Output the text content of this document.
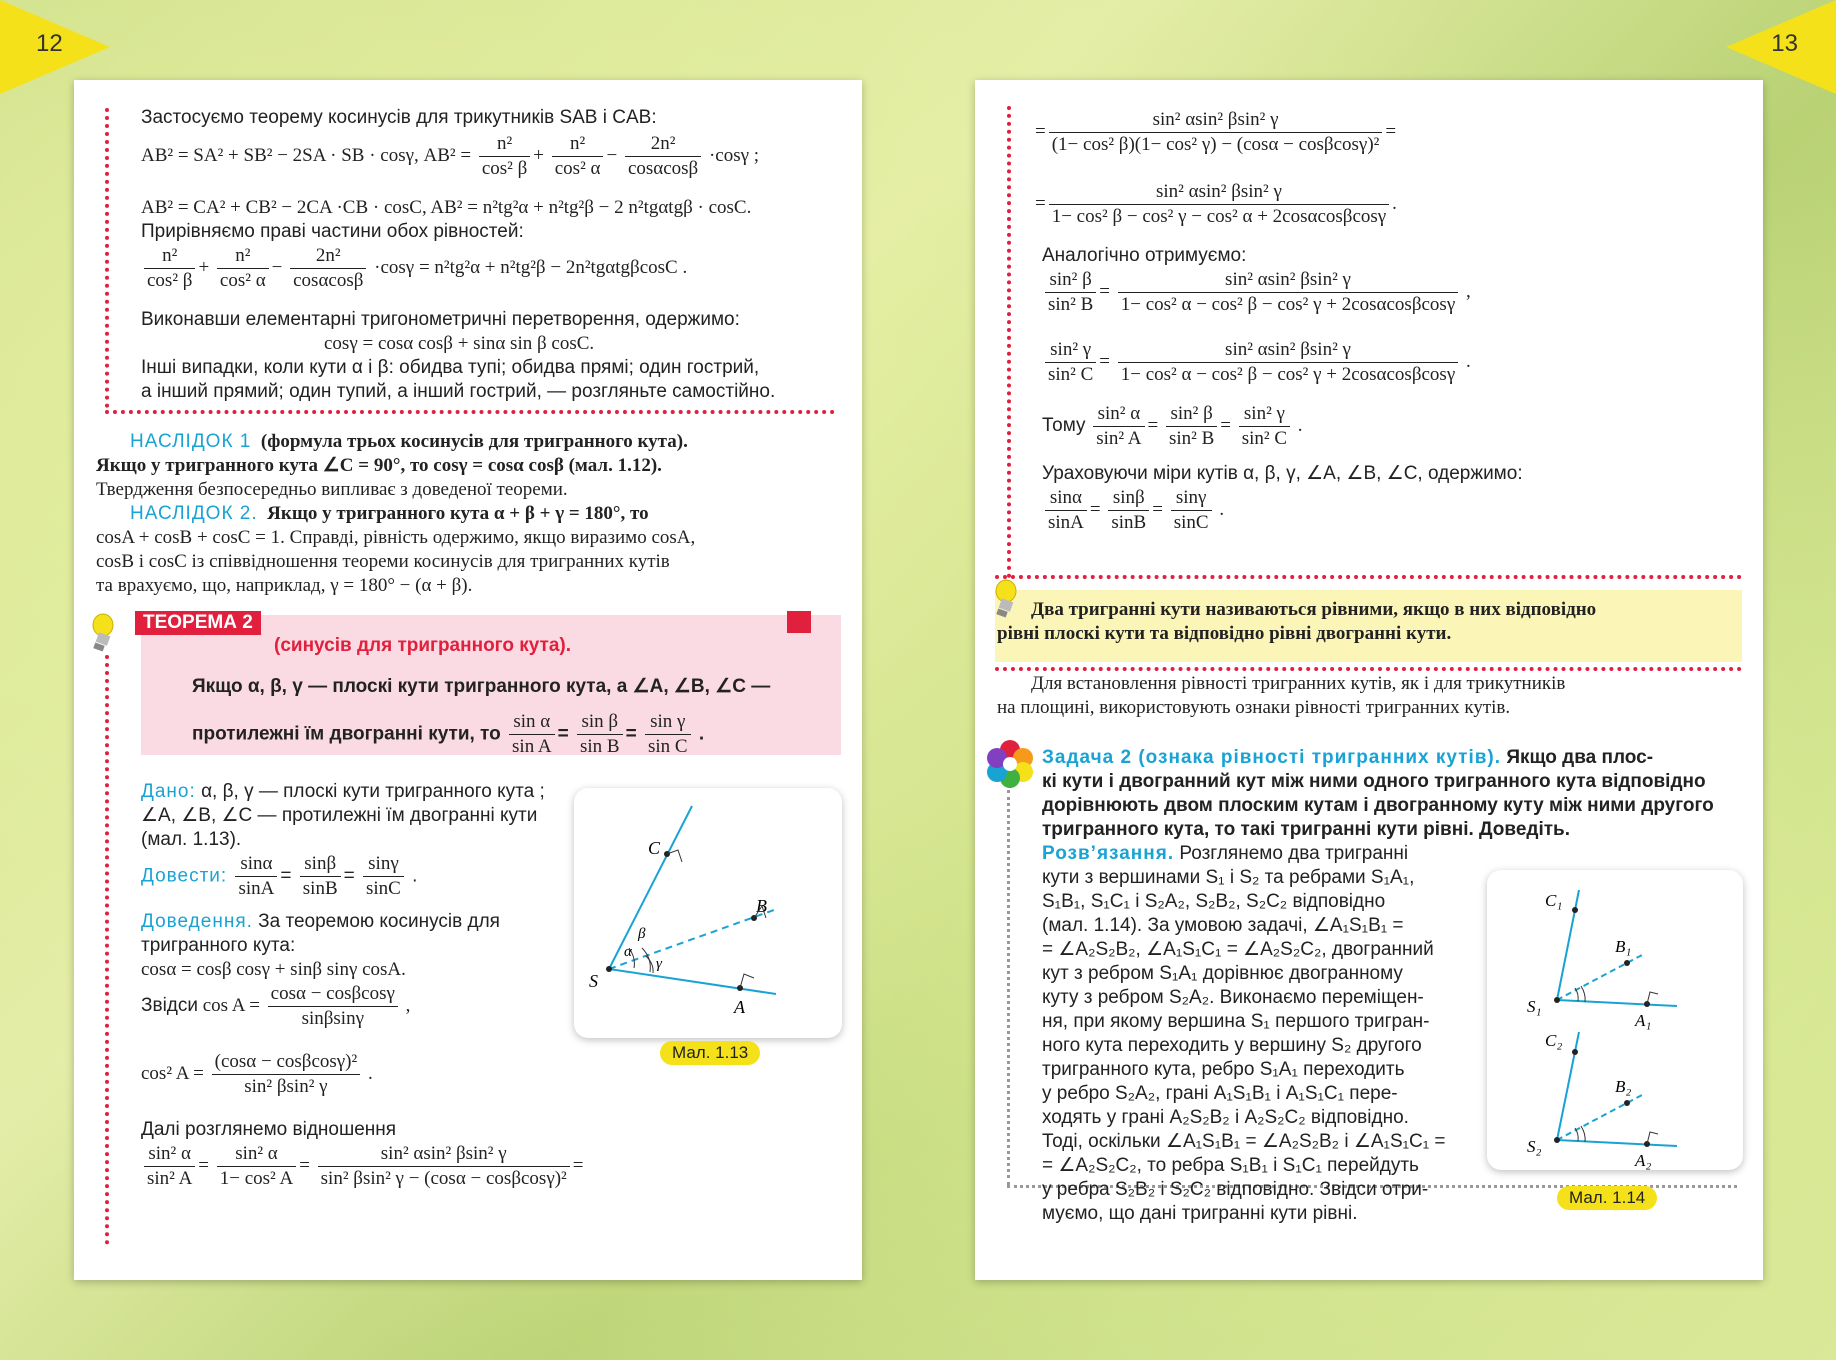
12	13
Застосуємо теорему косинусів для трикутників SAB і CAB:
AB² = SA² + SB² − 2SA · SB · cosγ, $AB^2 = \frac{\text{n²}}{\text{cos² β}} + \frac{\text{n²}}{\text{cos² α}} - \frac{\text{2n²}}{\cos\alpha\cos\beta} \cdot\cos\gamma$ ;
AB² = CA² + CB² − 2CA ·CB · cosC, AB² = n²tg²α + n²tg²β − 2 n²tgαtgβ · cosC.
Прирівняємо праві частини обох рівностей:
$\frac{\text{n²}}{\text{cos² β}} + \frac{\text{n²}}{\text{cos² α}} - \frac{\text{2n²}}{\cos\alpha\cos\beta} \cdot\cos\gamma = n^2tg^2\alpha + n^2tg^2\beta - 2n^2tg\alpha tg\beta\cos C$ .
Виконавши елементарні тригонометричні перетворення, одержимо:
cosγ = cosα cosβ + sinα sin β cosC.
Інші випадки, коли кути α і β: обидва тупі; обидва прямі; один гострий,
а інший прямий; один тупий, а інший гострий, — розгляньте самостійно.
НАСЛІДОК 1 (формула трьох косинусів для тригранного кута).
Якщо у тригранного кута ∠C = 90°, то cosγ = cosα cosβ (мал. 1.12).
Твердження безпосередньо випливає з доведеної теореми.
НАСЛІДОК 2. Якщо у тригранного кута α + β + γ = 180°, то
cosA + cosB + cosC = 1. Справді, рівність одержимо, якщо виразимо cosA,
cosB і cosC із співвідношення теореми косинусів для тригранних кутів
та врахуємо, що, наприклад, γ = 180° − (α + β).
ТЕОРЕМА 2
(синусів для тригранного кута).
Якщо α, β, γ — плоскі кути тригранного кута, а ∠A, ∠B, ∠C —
протилежні їм двогранні кути, то $\frac{\text{sin α}}{\text{sin A}} = \frac{\text{sin β}}{\text{sin B}} = \frac{\text{sin γ}}{\text{sin C}}$ .
Дано: α, β, γ — плоскі кути тригранного кута ;
∠A, ∠B, ∠C — протилежні їм двогранні кути
(мал. 1.13).
Довести: $\frac{\sin\alpha}{\sin A} = \frac{\sin\beta}{\sin B} = \frac{\sin\gamma}{\sin C}$ .
Доведення. За теоремою косинусів для
тригранного кута:
cosα = cosβ cosγ + sinβ sinγ cosA.
Звідси $\cos A = \frac{\cos\alpha - \cos\beta\cos\gamma}{\sin\beta\sin\gamma}$ ,
cos² $A = \frac{\text{(cosα − cosβcosγ)²}}{\text{sin² βsin² γ}}$ .
Далі розглянемо відношення
$\frac{\text{sin² α}}{\text{sin² A}} = \frac{\text{sin² α}}{\text{1− cos² A}} = \frac{\text{sin² αsin² βsin² γ}}{\text{sin² βsin² γ − (cosα − cosβcosγ)²}}$ =
S
C
B
A
α
β
γ
Мал. 1.13
= $\frac{\text{sin² αsin² βsin² γ}}{\text{(1− cos² β)(1− cos² γ) − (cosα − cosβcosγ)²}}$ =
= $\frac{\text{sin² αsin² βsin² γ}}{\text{1− cos² β − cos² γ − cos² α + 2cosαcosβcosγ}}$ .
Аналогічно отримуємо:
$\frac{\text{sin² β}}{\text{sin² B}} = \frac{\text{sin² αsin² βsin² γ}}{\text{1− cos² α − cos² β − cos² γ + 2cosαcosβcosγ}}$ ,
$\frac{\text{sin² γ}}{\text{sin² C}} = \frac{\text{sin² αsin² βsin² γ}}{\text{1− cos² α − cos² β − cos² γ + 2cosαcosβcosγ}}$ .
Тому $\frac{\text{sin² α}}{\text{sin² A}} = \frac{\text{sin² β}}{\text{sin² B}} = \frac{\text{sin² γ}}{\text{sin² C}}$ .
Ураховуючи міри кутів α, β, γ, ∠A, ∠B, ∠C, одержимо:
$\frac{\sin\alpha}{\sin A} = \frac{\sin\beta}{\sin B} = \frac{\sin\gamma}{\sin C}$ .
Два тригранні кути називаються рівними, якщо в них відповідно
рівні плоскі кути та відповідно рівні двогранні кути.
Для встановлення рівності тригранних кутів, як і для трикутників
на площині, використовують ознаки рівності тригранних кутів.
Задача 2 (ознака рівності тригранних кутів). Якщо два плос-
кі кути і двогранний кут між ними одного тригранного кута відповідно
дорівнюють двом плоским кутам і двогранному куту між ними другого
тригранного кута, то такі тригранні кути рівні. Доведіть.
Розв’язання. Розглянемо два тригранні
кути з вершинами S₁ і S₂ та ребрами S₁A₁,
S₁B₁, S₁C₁ і S₂A₂, S₂B₂, S₂C₂ відповідно
(мал. 1.14). За умовою задачі, ∠A₁S₁B₁ =
= ∠A₂S₂B₂, ∠A₁S₁C₁ = ∠A₂S₂C₂, двогранний
кут з ребром S₁A₁ дорівнює двогранному
куту з ребром S₂A₂. Виконаємо переміщен-
ня, при якому вершина S₁ першого тригран-
ного кута переходить у вершину S₂ другого
тригранного кута, ребро S₁A₁ переходить
у ребро S₂A₂, грані A₁S₁B₁ і A₁S₁C₁ пере-
ходять у грані A₂S₂B₂ і A₂S₂C₂ відповідно.
Тоді, оскільки ∠A₁S₁B₁ = ∠A₂S₂B₂ і ∠A₁S₁C₁ =
= ∠A₂S₂C₂, то ребра S₁B₁ і S₁C₁ перейдуть
у ребра S₂B₂ і S₂C₂ відповідно. Звідси отри-
муємо, що дані тригранні кути рівні.
C₁
B₁
S₁
A₁
C₂
B₂
S₂
A₂
Мал. 1.14
